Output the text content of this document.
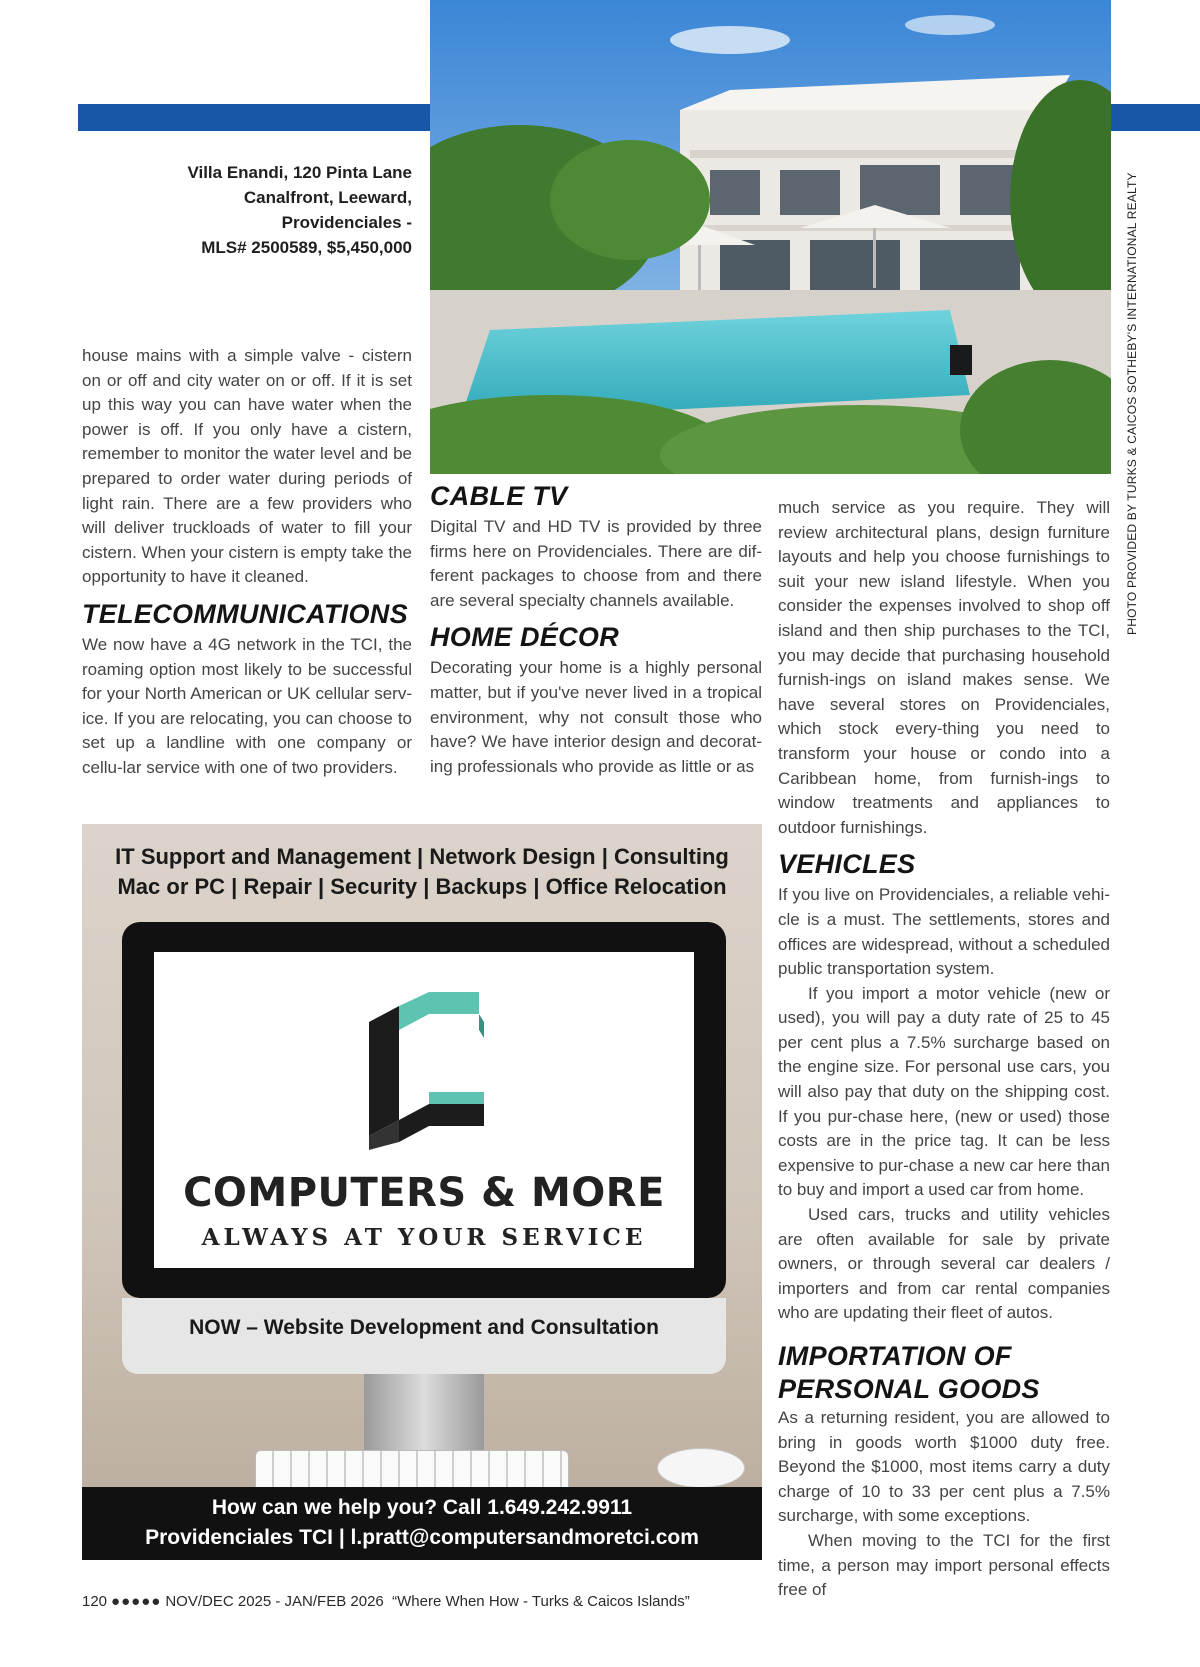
Villa Enandi, 120 Pinta Lane
Canalfront, Leeward,
Providenciales -
MLS# 2500589, $5,450,000	PHOTO PROVIDED BY TURKS & CAICOS SOTHEBY'S INTERNATIONAL REALTY

house mains with a simple valve - cistern on or off and city water on or off. If it is set up this way you can have water when the power is off. If you only have a cistern, remember to monitor the water level and be prepared to order water during periods of light rain. There are a few providers who will deliver truckloads of water to fill your cistern. When your cistern is empty take the opportunity to have it cleaned.

TELECOMMUNICATIONS

We now have a 4G network in the TCI, the roaming option most likely to be successful for your North American or UK cellular serv-ice. If you are relocating, you can choose to set up a landline with one company or cellu-lar service with one of two providers.

CABLE TV

Digital TV and HD TV is provided by three firms here on Providenciales. There are dif-ferent packages to choose from and there are several specialty channels available.

HOME DÉCOR

Decorating your home is a highly personal matter, but if you've never lived in a tropical environment, why not consult those who have? We have interior design and decorat-ing professionals who provide as little or as

much service as you require. They will review architectural plans, design furniture layouts and help you choose furnishings to suit your new island lifestyle. When you consider the expenses involved to shop off island and then ship purchases to the TCI, you may decide that purchasing household furnish-ings on island makes sense. We have several stores on Providenciales, which stock every-thing you need to transform your house or condo into a Caribbean home, from furnish-ings to window treatments and appliances to outdoor furnishings.

VEHICLES

If you live on Providenciales, a reliable vehi-cle is a must. The settlements, stores and offices are widespread, without a scheduled public transportation system.

If you import a motor vehicle (new or used), you will pay a duty rate of 25 to 45 per cent plus a 7.5% surcharge based on the engine size. For personal use cars, you will also pay that duty on the shipping cost. If you pur-chase here, (new or used) those costs are in the price tag. It can be less expensive to pur-chase a new car here than to buy and import a used car from home.

Used cars, trucks and utility vehicles are often available for sale by private owners, or through several car dealers / importers and from car rental companies who are updating their fleet of autos.

IMPORTATION OF
PERSONAL GOODS

As a returning resident, you are allowed to bring in goods worth $1000 duty free. Beyond the $1000, most items carry a duty charge of 10 to 33 per cent plus a 7.5% surcharge, with some exceptions.

When moving to the TCI for the first time, a person may import personal effects free of

IT Support and Management | Network Design | Consulting
Mac or PC | Repair | Security | Backups | Office Relocation
COMPUTERS & MORE
ALWAYS AT YOUR SERVICE
NOW – Website Development and Consultation
How can we help you? Call 1.649.242.9911
Providenciales TCI | l.pratt@computersandmoretci.com
120 ●●●●● NOV/DEC 2025 - JAN/FEB 2026 “Where When How - Turks & Caicos Islands”
